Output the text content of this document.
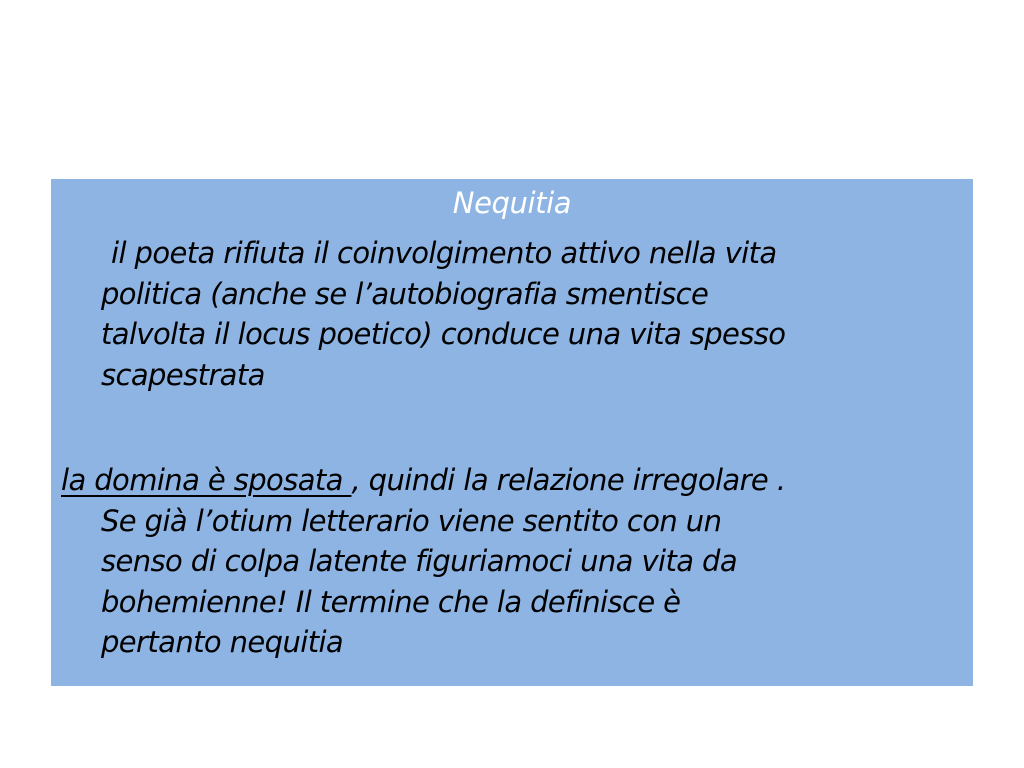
Nequitia
il poeta rifiuta il coinvolgimento attivo nella vita
politica (anche se l’autobiografia smentisce
talvolta il locus poetico) conduce una vita spesso
scapestrata
la domina è sposata , quindi la relazione irregolare .
Se già l’otium letterario viene sentito con un
senso di colpa latente figuriamoci una vita da
bohemienne! Il termine che la definisce è
pertanto nequitia
